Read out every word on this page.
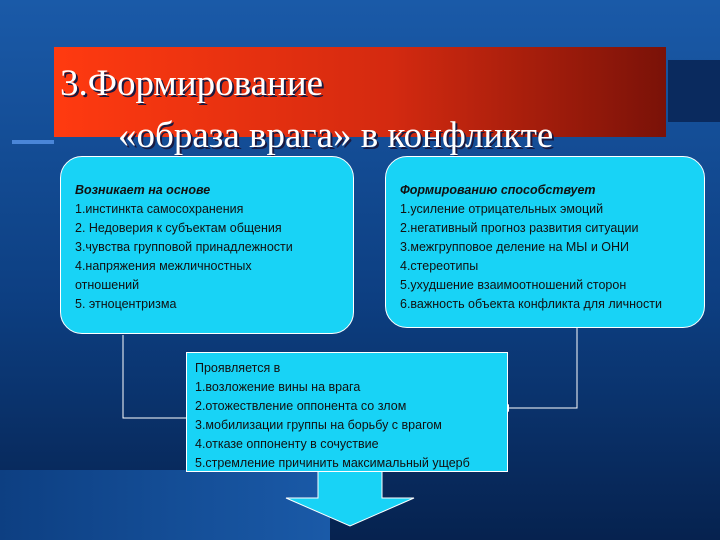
3.Формирование
«образа врага» в конфликте
Возникает на основе
1.инстинкта самосохранения
2. Недоверия к субъектам общения
3.чувства групповой принадлежности
4.напряжения межличностных
отношений
5. этноцентризма
Формированию способствует
1.усиление отрицательных эмоций
2.негативный прогноз развития ситуации
3.межгрупповое деление на МЫ и ОНИ
4.стереотипы
5.ухудшение взаимоотношений сторон
6.важность объекта конфликта для личности
Проявляется в
1.возложение вины на врага
2.отожествление оппонента со злом
3.мобилизации группы на борьбу с врагом
4.отказе оппоненту в сочуствие
5.стремление причинить максимальный ущерб
